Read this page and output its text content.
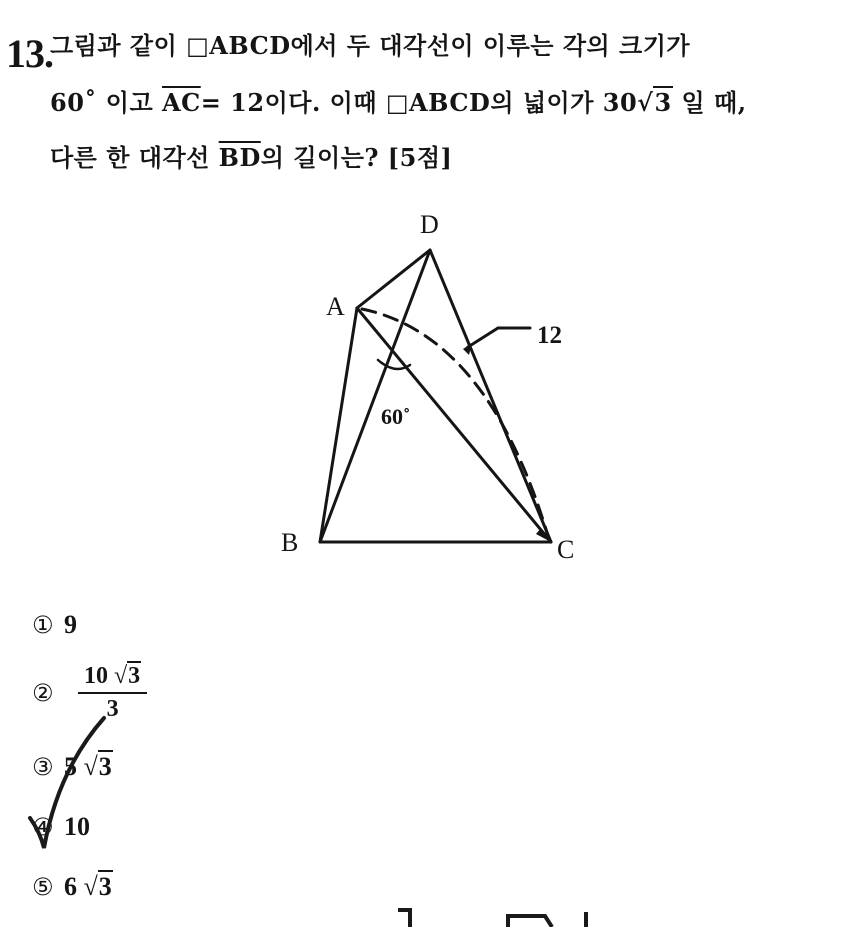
13.
그림과 같이 □ABCD에서 두 대각선이 이루는 각의 크기가
60˚ 이고 $\overline{AC}= 12$이다. 이때 □ABCD의 넓이가 30√3 일 때,
다른 한 대각선 $\overline{BD}$의 길이는? [5점]
A
B	C
D
60˚
12
① 9
② $\frac{10 √3}{3}$
③ 5 √3
④ 10
⑤ 6 √3
